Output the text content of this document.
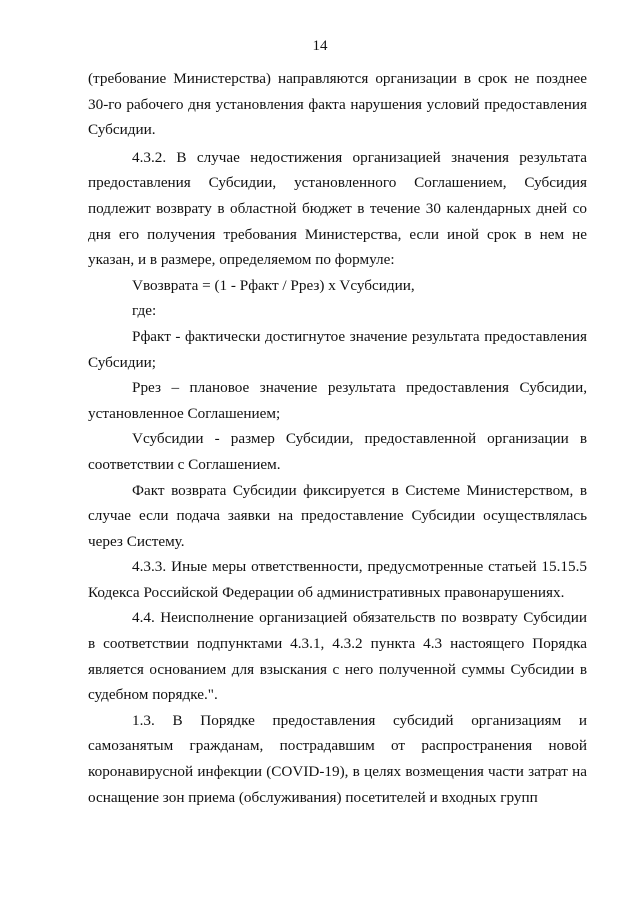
14

(требование Министерства) направляются организации в срок не позднее 30-го рабочего дня установления факта нарушения условий предоставления Субсидии.

4.3.2. В случае недостижения организацией значения результата предоставления Субсидии, установленного Соглашением, Субсидия подлежит возврату в областной бюджет в течение 30 календарных дней со дня его получения требования Министерства, если иной срок в нем не указан, и в размере, определяемом по формуле:

Vвозврата = (1 - Рфакт / Ррез) x Vсубсидии,

где:

Рфакт - фактически достигнутое значение результата предоставления Субсидии;

Ррез – плановое значение результата предоставления Субсидии, установленное Соглашением;

Vсубсидии - размер Субсидии, предоставленной организации в соответствии с Соглашением.

Факт возврата Субсидии фиксируется в Системе Министерством, в случае если подача заявки на предоставление Субсидии осуществлялась через Систему.

4.3.3. Иные меры ответственности, предусмотренные статьей 15.15.5 Кодекса Российской Федерации об административных правонарушениях.

4.4. Неисполнение организацией обязательств по возврату Субсидии в соответствии подпунктами 4.3.1, 4.3.2 пункта 4.3 настоящего Порядка является основанием для взыскания с него полученной суммы Субсидии в судебном порядке.".

1.3. В Порядке предоставления субсидий организациям и самозанятым гражданам, пострадавшим от распространения новой коронавирусной инфекции (COVID-19), в целях возмещения части затрат на оснащение зон приема (обслуживания) посетителей и входных групп
